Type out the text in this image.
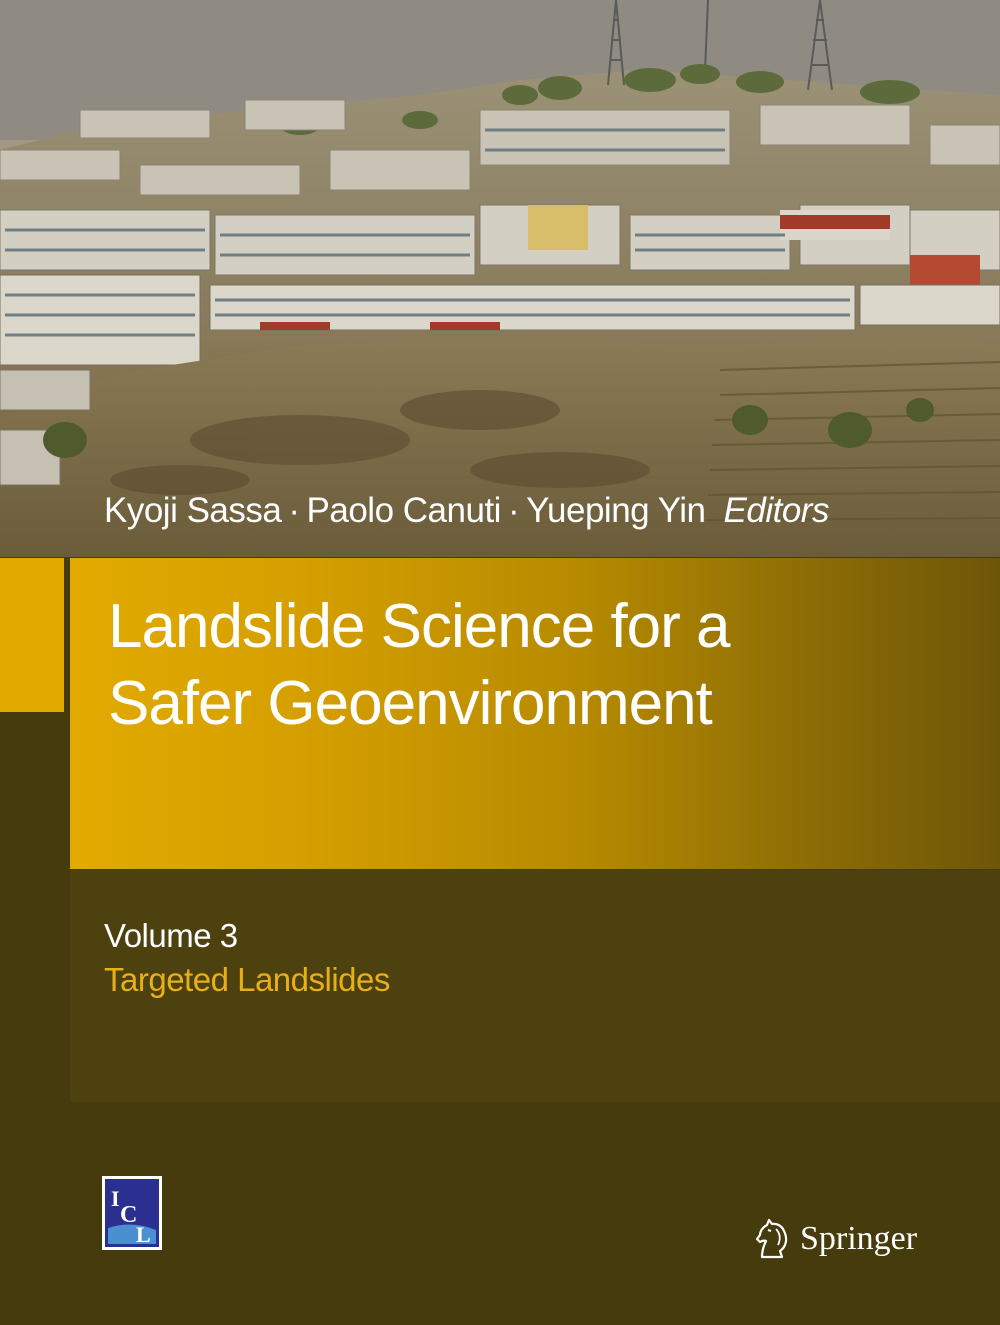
Kyoji Sassa · Paolo Canuti · Yueping Yin Editors
Landslide Science for a
Safer Geoenvironment
Volume 3
Targeted Landslides
I
C
L	Springer
